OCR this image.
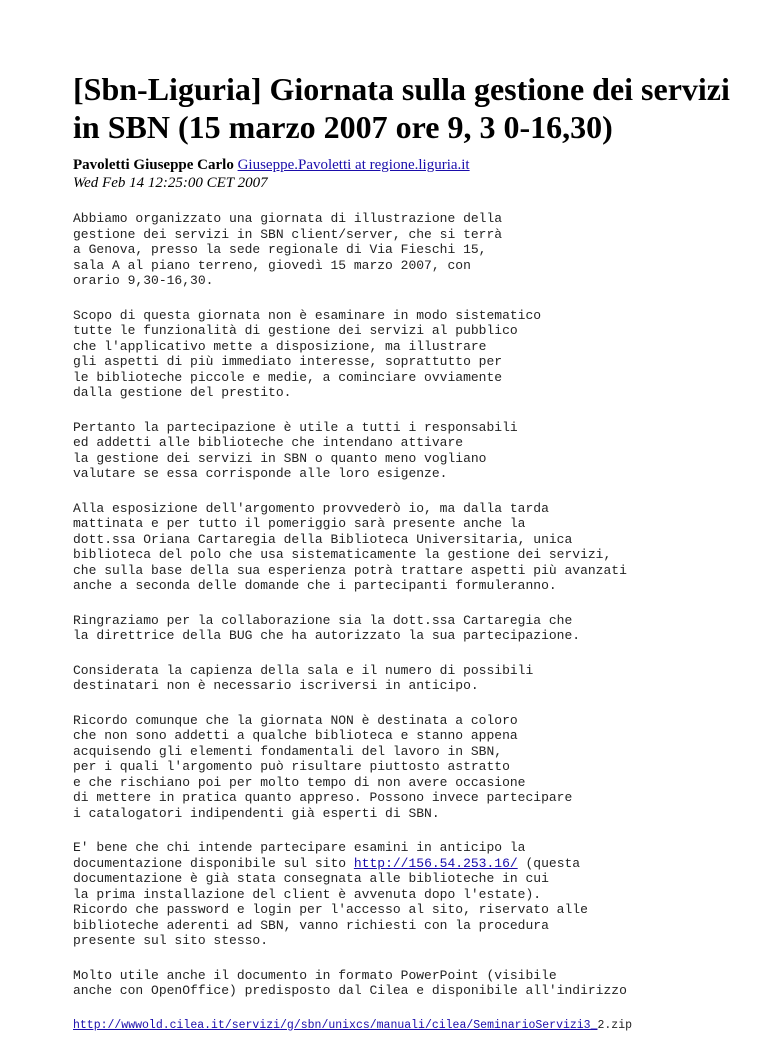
[Sbn-Liguria] Giornata sulla gestione dei servizi in SBN (15 marzo 2007 ore 9, 3 0-16,30)
Pavoletti Giuseppe Carlo Giuseppe.Pavoletti at regione.liguria.it
Wed Feb 14 12:25:00 CET 2007
Abbiamo organizzato una giornata di illustrazione della
gestione dei servizi in SBN client/server, che si terrà
a Genova, presso la sede regionale di Via Fieschi 15,
sala A al piano terreno, giovedì 15 marzo 2007, con
orario 9,30-16,30.
Scopo di questa giornata non è esaminare in modo sistematico
tutte le funzionalità di gestione dei servizi al pubblico
che l'applicativo mette a disposizione, ma illustrare
gli aspetti di più immediato interesse, soprattutto per
le biblioteche piccole e medie, a cominciare ovviamente
dalla gestione del prestito.
Pertanto la partecipazione è utile a tutti i responsabili
ed addetti alle biblioteche che intendano attivare
la gestione dei servizi in SBN o quanto meno vogliano
valutare se essa corrisponde alle loro esigenze.
Alla esposizione dell'argomento provvederò io, ma dalla tarda
mattinata e per tutto il pomeriggio sarà presente anche la
dott.ssa Oriana Cartaregia della Biblioteca Universitaria, unica
biblioteca del polo che usa sistematicamente la gestione dei servizi,
che sulla base della sua esperienza potrà trattare aspetti più avanzati
anche a seconda delle domande che i partecipanti formuleranno.
Ringraziamo per la collaborazione sia la dott.ssa Cartaregia che
la direttrice della BUG che ha autorizzato la sua partecipazione.
Considerata la capienza della sala e il numero di possibili
destinatari non è necessario iscriversi in anticipo.
Ricordo comunque che la giornata NON è destinata a coloro
che non sono addetti a qualche biblioteca e stanno appena
acquisendo gli elementi fondamentali del lavoro in SBN,
per i quali l'argomento può risultare piuttosto astratto
e che rischiano poi per molto tempo di non avere occasione
di mettere in pratica quanto appreso. Possono invece partecipare
i catalogatori indipendenti già esperti di SBN.
E' bene che chi intende partecipare esamini in anticipo la
documentazione disponibile sul sito http://156.54.253.16/ (questa
documentazione è già stata consegnata alle biblioteche in cui
la prima installazione del client è avvenuta dopo l'estate).
Ricordo che password e login per l'accesso al sito, riservato alle
biblioteche aderenti ad SBN, vanno richiesti con la procedura
presente sul sito stesso.
Molto utile anche il documento in formato PowerPoint (visibile
anche con OpenOffice) predisposto dal Cilea e disponibile all'indirizzo
http://wwwold.cilea.it/servizi/g/sbn/unixcs/manuali/cilea/SeminarioServizi3_2.zip
